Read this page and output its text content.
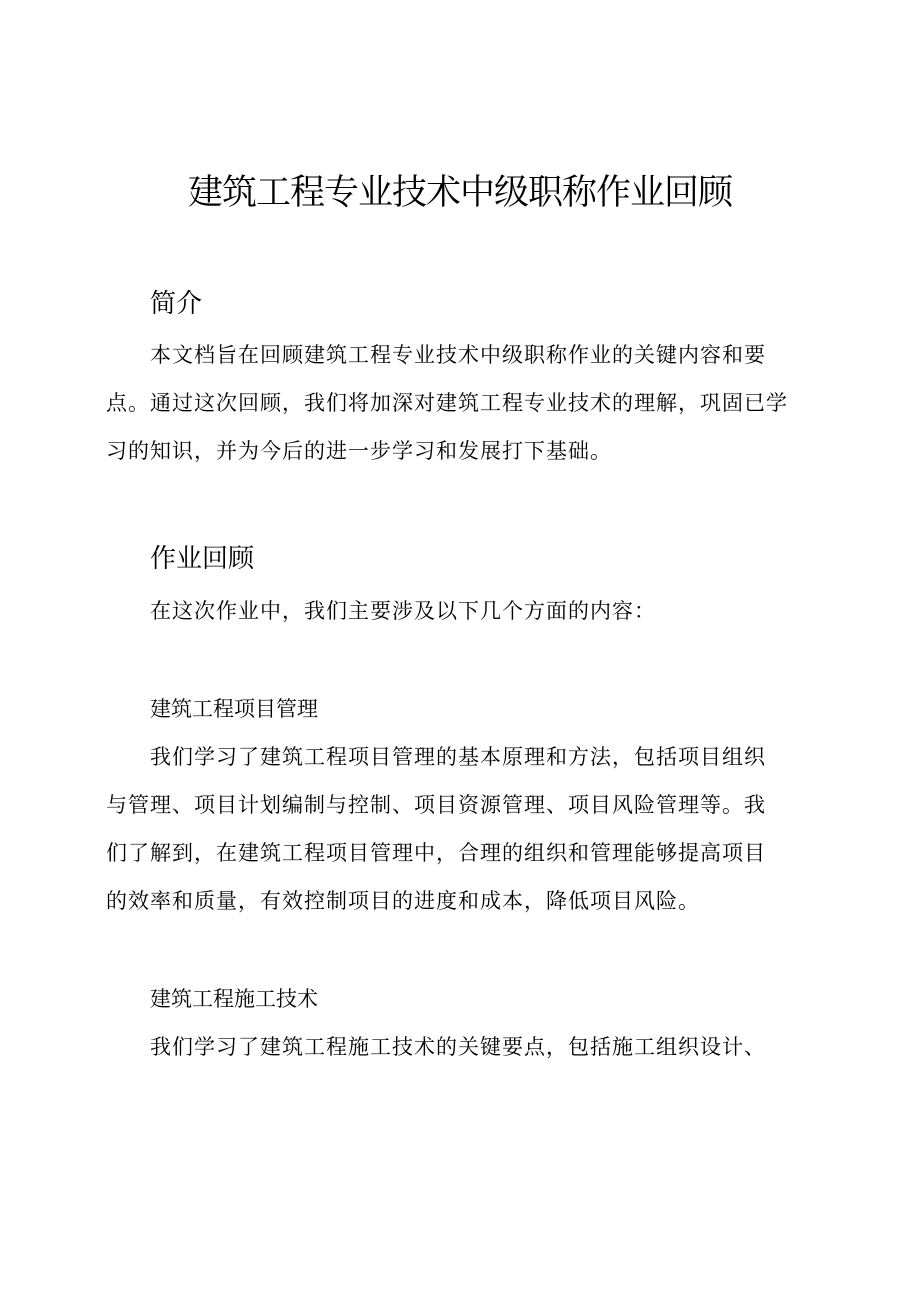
建筑工程专业技术中级职称作业回顾
简介
本文档旨在回顾建筑工程专业技术中级职称作业的关键内容和要
点。通过这次回顾，我们将加深对建筑工程专业技术的理解，巩固已学
习的知识，并为今后的进一步学习和发展打下基础。
作业回顾
在这次作业中，我们主要涉及以下几个方面的内容：
建筑工程项目管理
我们学习了建筑工程项目管理的基本原理和方法，包括项目组织
与管理、项目计划编制与控制、项目资源管理、项目风险管理等。我
们了解到，在建筑工程项目管理中，合理的组织和管理能够提高项目
的效率和质量，有效控制项目的进度和成本，降低项目风险。
建筑工程施工技术
我们学习了建筑工程施工技术的关键要点，包括施工组织设计、
